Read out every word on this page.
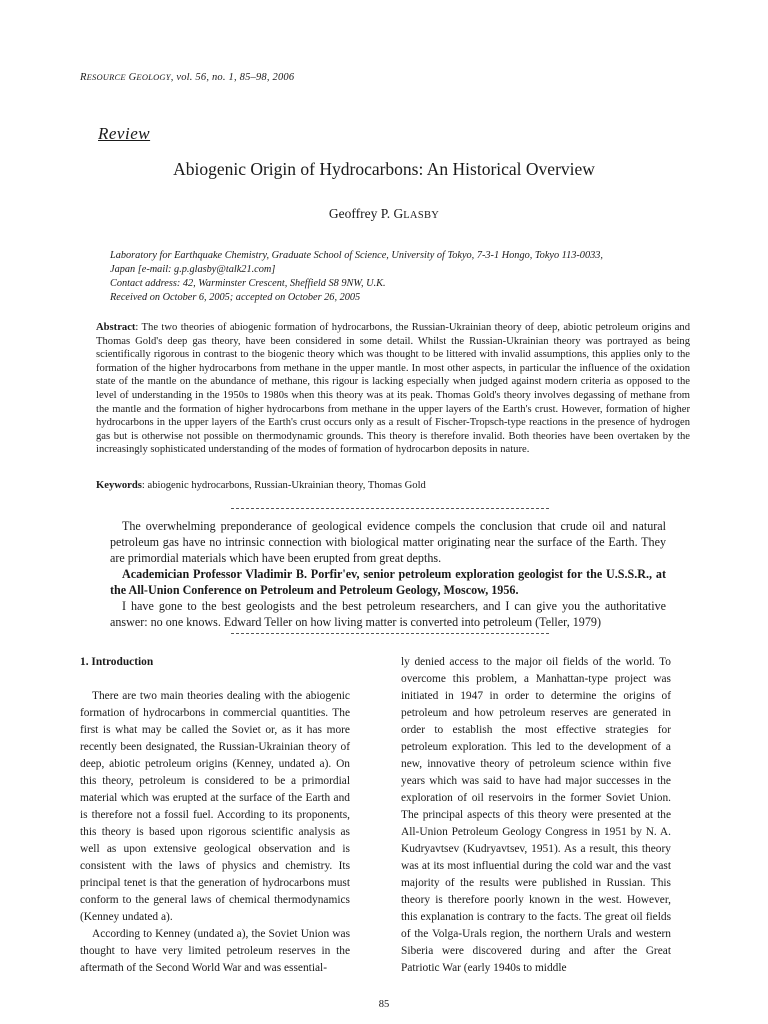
RESOURCE GEOLOGY, vol. 56, no. 1, 85–98, 2006
Review
Abiogenic Origin of Hydrocarbons: An Historical Overview
Geoffrey P. GLASBY
Laboratory for Earthquake Chemistry, Graduate School of Science, University of Tokyo, 7-3-1 Hongo, Tokyo 113-0033,
Japan [e-mail: g.p.glasby@talk21.com]
Contact address: 42, Warminster Crescent, Sheffield S8 9NW, U.K.
Received on October 6, 2005; accepted on October 26, 2005
Abstract: The two theories of abiogenic formation of hydrocarbons, the Russian-Ukrainian theory of deep, abiotic petroleum origins and Thomas Gold's deep gas theory, have been considered in some detail. Whilst the Russian-Ukrainian theory was portrayed as being scientifically rigorous in contrast to the biogenic theory which was thought to be littered with invalid assumptions, this applies only to the formation of the higher hydrocarbons from methane in the upper mantle. In most other aspects, in particular the influence of the oxidation state of the mantle on the abundance of methane, this rigour is lacking especially when judged against modern criteria as opposed to the level of understanding in the 1950s to 1980s when this theory was at its peak. Thomas Gold's theory involves degassing of methane from the mantle and the formation of higher hydrocarbons from methane in the upper layers of the Earth's crust. However, formation of higher hydrocarbons in the upper layers of the Earth's crust occurs only as a result of Fischer-Tropsch-type reactions in the presence of hydrogen gas but is otherwise not possible on thermodynamic grounds. This theory is therefore invalid. Both theories have been overtaken by the increasingly sophisticated understanding of the modes of formation of hydrocarbon deposits in nature.
Keywords: abiogenic hydrocarbons, Russian-Ukrainian theory, Thomas Gold

The overwhelming preponderance of geological evidence compels the conclusion that crude oil and natural petroleum gas have no intrinsic connection with biological matter originating near the surface of the Earth. They are primordial materials which have been erupted from great depths.

Academician Professor Vladimir B. Porfir'ev, senior petroleum exploration geologist for the U.S.S.R., at the All-Union Conference on Petroleum and Petroleum Geology, Moscow, 1956.

I have gone to the best geologists and the best petroleum researchers, and I can give you the authoritative answer: no one knows. Edward Teller on how living matter is converted into petroleum (Teller, 1979)

1. Introduction

There are two main theories dealing with the abiogenic formation of hydrocarbons in commercial quantities. The first is what may be called the Soviet or, as it has more recently been designated, the Russian-Ukrainian theory of deep, abiotic petroleum origins (Kenney, undated a). On this theory, petroleum is considered to be a primordial material which was erupted at the surface of the Earth and is therefore not a fossil fuel. According to its proponents, this theory is based upon rigorous scientific analysis as well as upon extensive geological observation and is consistent with the laws of physics and chemistry. Its principal tenet is that the generation of hydrocarbons must conform to the general laws of chemical thermodynamics (Kenney undated a).

According to Kenney (undated a), the Soviet Union was thought to have very limited petroleum reserves in the aftermath of the Second World War and was essential-

ly denied access to the major oil fields of the world. To overcome this problem, a Manhattan-type project was initiated in 1947 in order to determine the origins of petroleum and how petroleum reserves are generated in order to establish the most effective strategies for petroleum exploration. This led to the development of a new, innovative theory of petroleum science within five years which was said to have had major successes in the exploration of oil reservoirs in the former Soviet Union. The principal aspects of this theory were presented at the All-Union Petroleum Geology Congress in 1951 by N. A. Kudryavtsev (Kudryavtsev, 1951). As a result, this theory was at its most influential during the cold war and the vast majority of the results were published in Russian. This theory is therefore poorly known in the west. However, this explanation is contrary to the facts. The great oil fields of the Volga-Urals region, the northern Urals and western Siberia were discovered during and after the Great Patriotic War (early 1940s to middle

85
